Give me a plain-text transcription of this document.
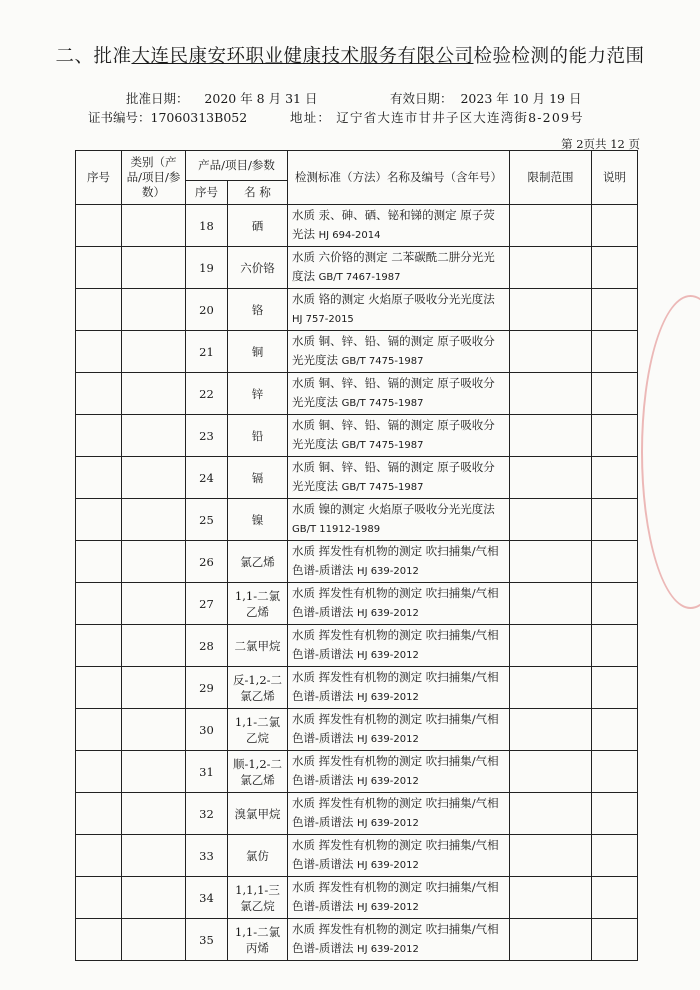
二、批准大连民康安环职业健康技术服务有限公司检验检测的能力范围
批准日期： 2020 年 8 月 31 日	有效日期： 2023 年 10 月 19 日
证书编号：17060313B052	地址： 辽宁省大连市甘井子区大连湾街8-209号
第 2页共 12 页
序号	类别（产品/项目/参数）	产品/项目/参数		检测标准（方法）名称及编号（含年号）	限制范围	说明
		序号	名 称			
		18	硒	水质 汞、砷、硒、铋和锑的测定 原子荧光法 HJ 694-2014		
		19	六价铬	水质 六价铬的测定 二苯碳酰二肼分光光度法 GB/T 7467-1987		
		20	铬	水质 铬的测定 火焰原子吸收分光光度法 HJ 757-2015		
		21	铜	水质 铜、锌、铅、镉的测定 原子吸收分光光度法 GB/T 7475-1987		
		22	锌	水质 铜、锌、铅、镉的测定 原子吸收分光光度法 GB/T 7475-1987		
		23	铅	水质 铜、锌、铅、镉的测定 原子吸收分光光度法 GB/T 7475-1987		
		24	镉	水质 铜、锌、铅、镉的测定 原子吸收分光光度法 GB/T 7475-1987		
		25	镍	水质 镍的测定 火焰原子吸收分光光度法 GB/T 11912-1989		
		26	氯乙烯	水质 挥发性有机物的测定 吹扫捕集/气相色谱-质谱法 HJ 639-2012		
		27	1,1-二氯乙烯	水质 挥发性有机物的测定 吹扫捕集/气相色谱-质谱法 HJ 639-2012		
		28	二氯甲烷	水质 挥发性有机物的测定 吹扫捕集/气相色谱-质谱法 HJ 639-2012		
		29	反-1,2-二氯乙烯	水质 挥发性有机物的测定 吹扫捕集/气相色谱-质谱法 HJ 639-2012		
		30	1,1-二氯乙烷	水质 挥发性有机物的测定 吹扫捕集/气相色谱-质谱法 HJ 639-2012		
		31	顺-1,2-二氯乙烯	水质 挥发性有机物的测定 吹扫捕集/气相色谱-质谱法 HJ 639-2012		
		32	溴氯甲烷	水质 挥发性有机物的测定 吹扫捕集/气相色谱-质谱法 HJ 639-2012		
		33	氯仿	水质 挥发性有机物的测定 吹扫捕集/气相色谱-质谱法 HJ 639-2012		
		34	1,1,1-三氯乙烷	水质 挥发性有机物的测定 吹扫捕集/气相色谱-质谱法 HJ 639-2012		
		35	1,1-二氯丙烯	水质 挥发性有机物的测定 吹扫捕集/气相色谱-质谱法 HJ 639-2012		
